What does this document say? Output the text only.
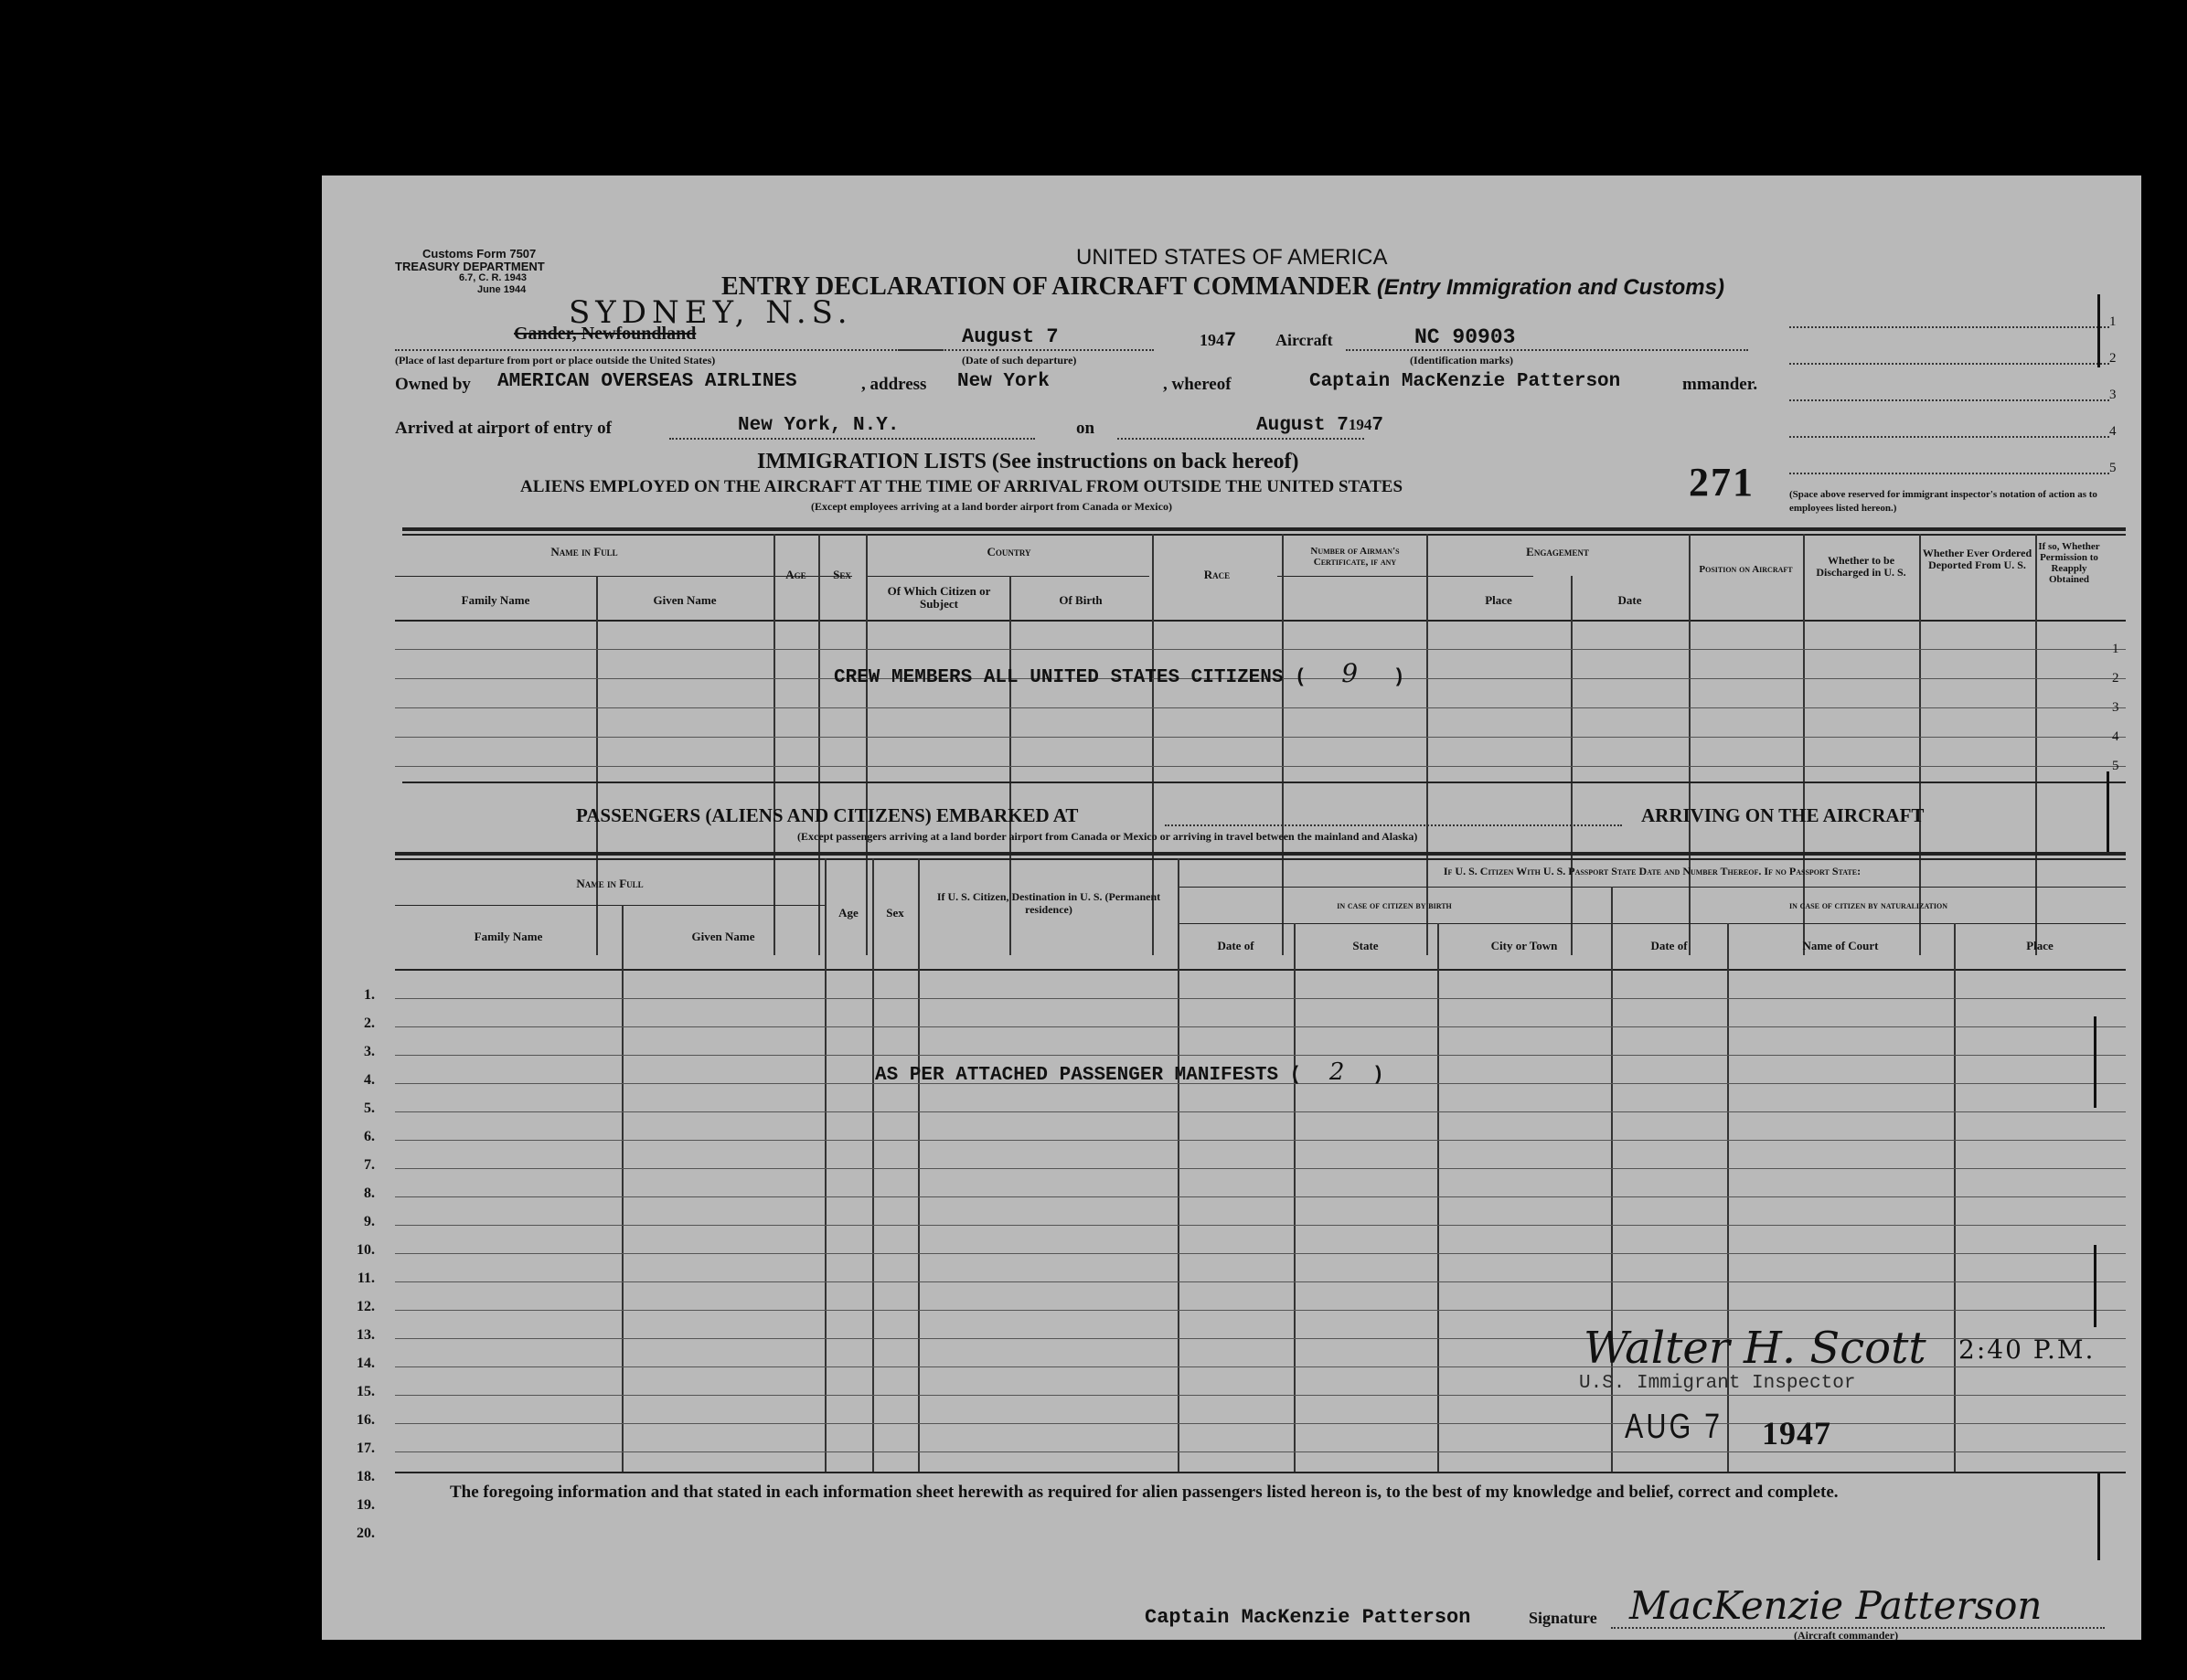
Customs Form 7507
TREASURY DEPARTMENT
6.7, C. R. 1943
June 1944
UNITED STATES OF AMERICA
ENTRY DECLARATION OF AIRCRAFT COMMANDER (Entry Immigration and Customs)
SYDNEY, N.S.
Gander, Newfoundland
(Place of last departure from port or place outside the United States)
August 7
(Date of such departure)
1947 Aircraft	NC 90903
(Identification marks)
Owned by AMERICAN OVERSEAS AIRLINES	, address New York	, whereof	Captain MacKenzie Patterson	mmander.
Arrived at airport of entry of	New York, N.Y.	on	August 71947
1
2
3
4
5
IMMIGRATION LISTS (See instructions on back hereof)
ALIENS EMPLOYED ON THE AIRCRAFT AT THE TIME OF ARRIVAL FROM OUTSIDE THE UNITED STATES
(Except employees arriving at a land border airport from Canada or Mexico)
271	(Space above reserved for immigrant inspector's notation of action as to employees listed hereon.)
Name in Full
Family Name	Given Name
Age	Sex
Country
Of Which Citizen or Subject	Of Birth
Race
Number of Airman's Certificate, if any
Engagement
Place	Date
Position on Aircraft
Whether to be Discharged in U. S.
Whether Ever Ordered Deported From U. S.
If so, Whether Permission to Reapply Obtained
1
2
3
4
5
CREW MEMBERS ALL UNITED STATES CITIZENS ( 9 )
PASSENGERS (ALIENS AND CITIZENS) EMBARKED AT	ARRIVING ON THE AIRCRAFT
(Except passengers arriving at a land border airport from Canada or Mexico or arriving in travel between the mainland and Alaska)
Name in Full
Family Name	Given Name
Age	Sex
If U. S. Citizen, Destination in U. S. (Permanent residence)
If U. S. Citizen With U. S. Passport State Date and Number Thereof. If no Passport State:
in case of citizen by birth	in case of citizen by naturalization
Date of	State	City or Town	Date of	Name of Court	Place
1.
2.
3.
4.
5.
6.
7.
8.
9.
10.
11.
12.
13.
14.
15.
16.
17.
18.
19.
20.
AS PER ATTACHED PASSENGER MANIFESTS ( 2 )
Walter H. Scott 2:40 P.M.
U.S. Immigrant Inspector
AUG 7 1947
The foregoing information and that stated in each information sheet herewith as required for alien passengers listed hereon is, to the best of my knowledge and belief, correct and complete.
Captain MacKenzie Patterson	Signature MacKenzie Patterson
(Aircraft commander)
